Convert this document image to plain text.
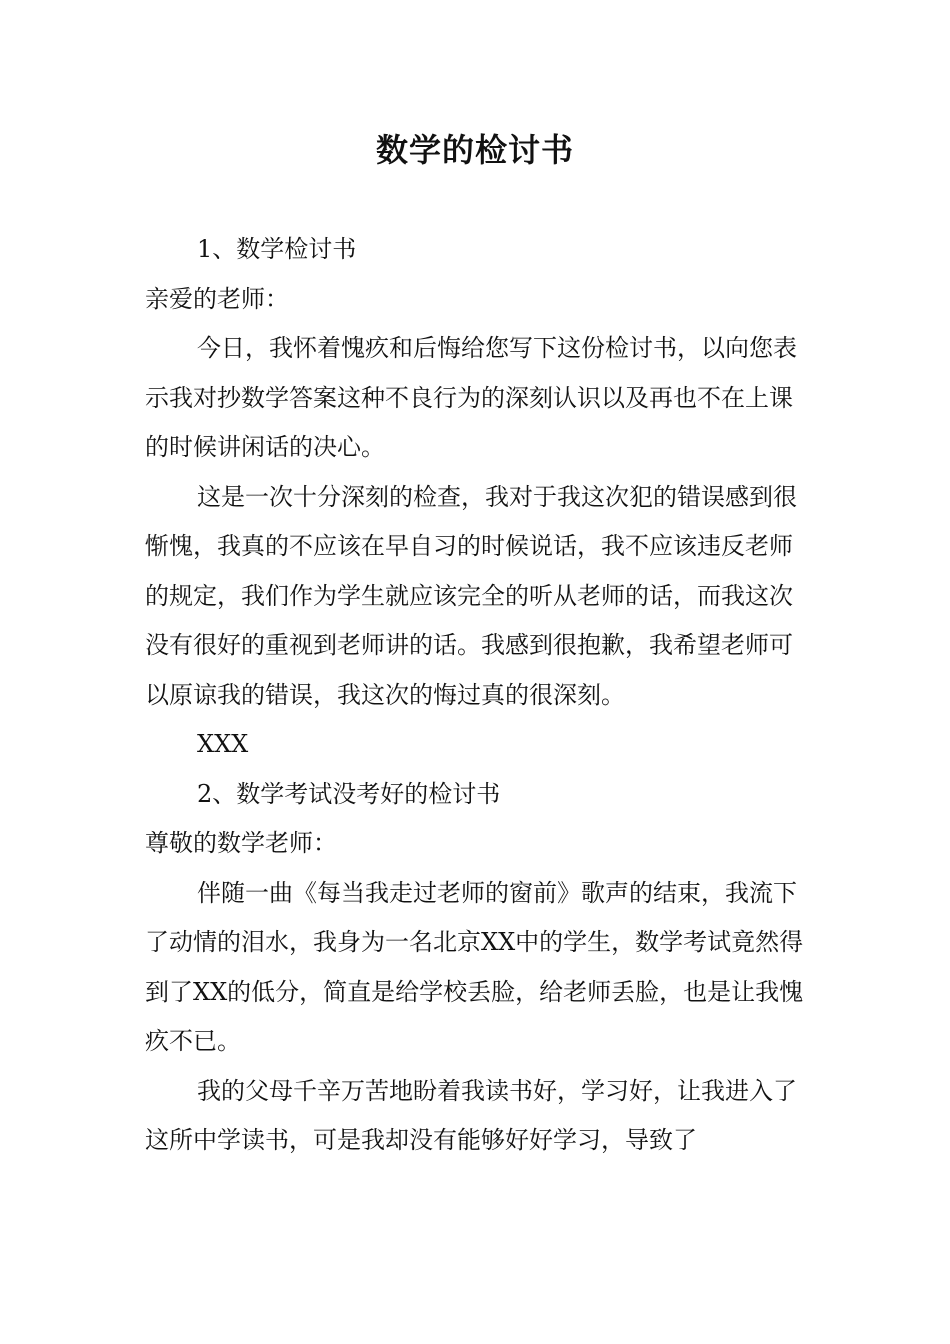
数学的检讨书

1、数学检讨书

亲爱的老师：

今日，我怀着愧疚和后悔给您写下这份检讨书，以向您表示我对抄数学答案这种不良行为的深刻认识以及再也不在上课的时候讲闲话的决心。

这是一次十分深刻的检查，我对于我这次犯的错误感到很惭愧，我真的不应该在早自习的时候说话，我不应该违反老师的规定，我们作为学生就应该完全的听从老师的话，而我这次没有很好的重视到老师讲的话。我感到很抱歉，我希望老师可以原谅我的错误，我这次的悔过真的很深刻。

XXX

2、数学考试没考好的检讨书

尊敬的数学老师：

伴随一曲《每当我走过老师的窗前》歌声的结束，我流下了动情的泪水，我身为一名北京XX中的学生，数学考试竟然得到了XX的低分，简直是给学校丢脸，给老师丢脸，也是让我愧疚不已。

我的父母千辛万苦地盼着我读书好，学习好，让我进入了这所中学读书，可是我却没有能够好好学习，导致了
